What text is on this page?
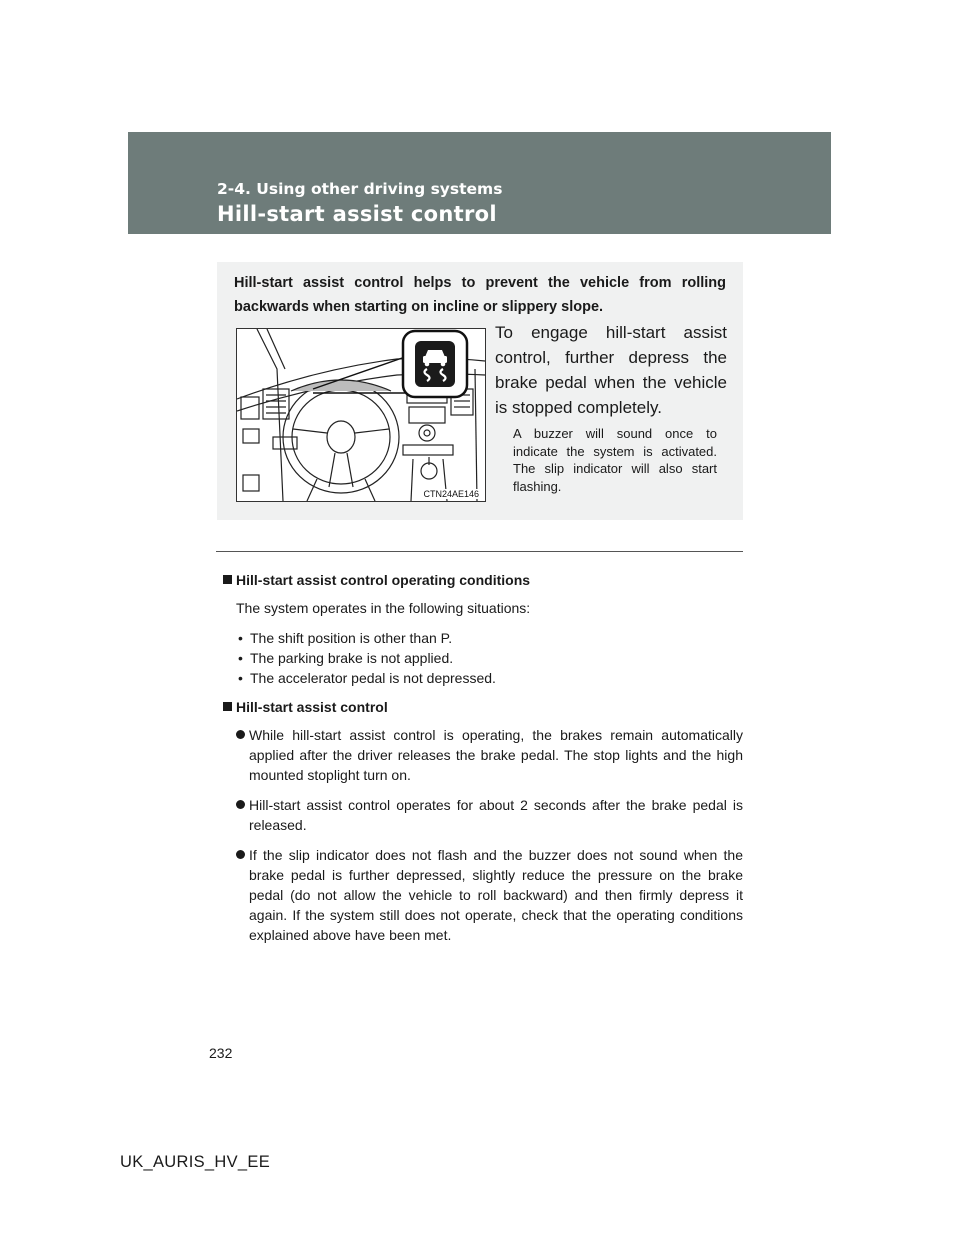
2-4. Using other driving systems
Hill-start assist control

Hill-start assist control helps to prevent the vehicle from rolling backwards when starting on incline or slippery slope.

CTN24AE146

To engage hill-start assist control, further depress the brake pedal when the vehicle is stopped completely.

A buzzer will sound once to indicate the system is activated. The slip indicator will also start flashing.

Hill-start assist control operating conditions

The system operates in the following situations:

• The shift position is other than P.
• The parking brake is not applied.
• The accelerator pedal is not depressed.
Hill-start assist control
While hill-start assist control is operating, the brakes remain automatically applied after the driver releases the brake pedal. The stop lights and the high mounted stoplight turn on.
Hill-start assist control operates for about 2 seconds after the brake pedal is released.
If the slip indicator does not flash and the buzzer does not sound when the brake pedal is further depressed, slightly reduce the pressure on the brake pedal (do not allow the vehicle to roll backward) and then firmly depress it again. If the system still does not operate, check that the operating conditions explained above have been met.
232
UK_AURIS_HV_EE
